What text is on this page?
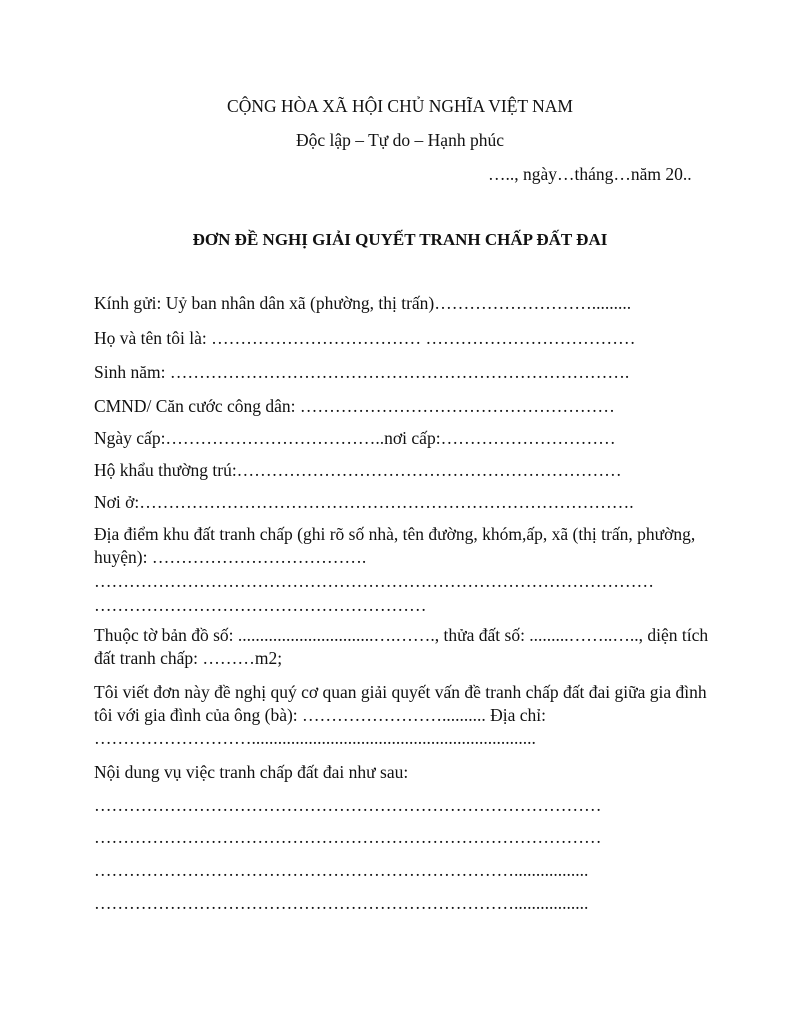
CỘNG HÒA XÃ HỘI CHỦ NGHĨA VIỆT NAM

Độc lập – Tự do – Hạnh phúc

….., ngày…tháng…năm 20..

ĐƠN ĐỀ NGHỊ GIẢI QUYẾT TRANH CHẤP ĐẤT ĐAI

Kính gửi: Uỷ ban nhân dân xã (phường, thị trấn)……………………….........

Họ và tên tôi là: ……………………………… ………………………………

Sinh năm: …………………………………………………………………….

CMND/ Căn cước công dân: ………………………………………………

Ngày cấp:………………………………..nơi cấp:…………………………

Hộ khẩu thường trú:…………………………………………………………

Nơi ở:………………………………………………………………………….

Địa điểm khu đất tranh chấp (ghi rõ số nhà, tên đường, khóm,ấp, xã (thị trấn, phường, huyện): ……………………………….

……………………………………………………………………………………

…………………………………………………

Thuộc tờ bản đồ số: ...............................….……., thửa đất số: .........……..….., diện tích đất tranh chấp: ………m2;

Tôi viết đơn này đề nghị quý cơ quan giải quyết vấn đề tranh chấp đất đai giữa gia đình tôi với gia đình của ông (bà): …………………….......... Địa chỉ:

……………………….................................................................

Nội dung vụ việc tranh chấp đất đai như sau:

……………………………………………………………………………

……………………………………………………………………………

……………………………………………………………….................

……………………………………………………………….................
